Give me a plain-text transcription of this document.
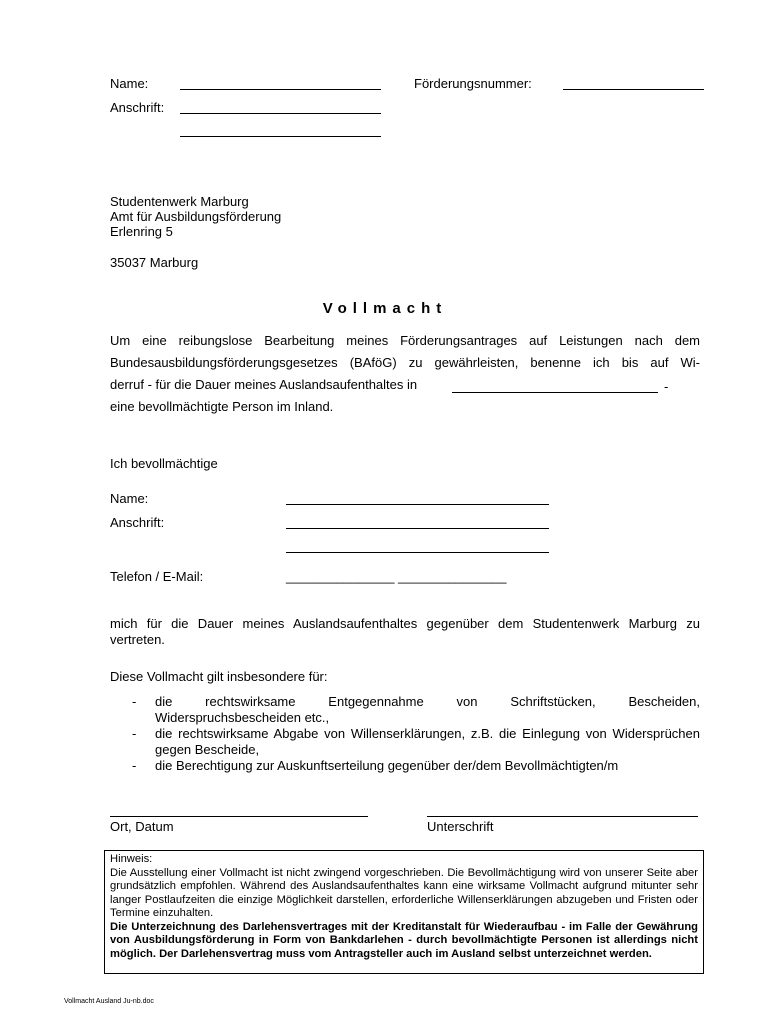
Name:	Förderungsnummer:
Anschrift:
Studentenwerk Marburg
Amt für Ausbildungsförderung
Erlenring 5
35037 Marburg
Vollmacht
Um eine reibungslose Bearbeitung meines Förderungsantrages auf Leistungen nach dem
Bundesausbildungsförderungsgesetzes (BAföG) zu gewährleisten, benenne ich bis auf Wi-
derruf - für die Dauer meines Auslandsaufenthaltes in
eine bevollmächtigte Person im Inland.
-
Ich bevollmächtige
Name:
Anschrift:
Telefon / E-Mail:	_______________ _______________
mich für die Dauer meines Auslandsaufenthaltes gegenüber dem Studentenwerk Marburg zu vertreten.
Diese Vollmacht gilt insbesondere für:
- die rechtswirksame Entgegennahme von Schriftstücken, Bescheiden, Widerspruchsbescheiden etc.,
- die rechtswirksame Abgabe von Willenserklärungen, z.B. die Einlegung von Widersprüchen gegen Bescheide,
- die Berechtigung zur Auskunftserteilung gegenüber der/dem Bevollmächtigten/m
Ort, Datum	Unterschrift

Hinweis:

Die Ausstellung einer Vollmacht ist nicht zwingend vorgeschrieben. Die Bevollmächtigung wird von unserer Seite aber grundsätzlich empfohlen. Während des Auslandsaufenthaltes kann eine wirksame Vollmacht aufgrund mitunter sehr langer Postlaufzeiten die einzige Möglichkeit darstellen, erforderliche Willenserklärungen abzugeben und Fristen oder Termine einzuhalten.

Die Unterzeichnung des Darlehensvertrages mit der Kreditanstalt für Wiederaufbau - im Falle der Gewährung von Ausbildungsförderung in Form von Bankdarlehen - durch bevollmächtigte Personen ist allerdings nicht möglich. Der Darlehensvertrag muss vom Antragsteller auch im Ausland selbst unterzeichnet werden.

Vollmacht Ausland Ju-nb.doc
